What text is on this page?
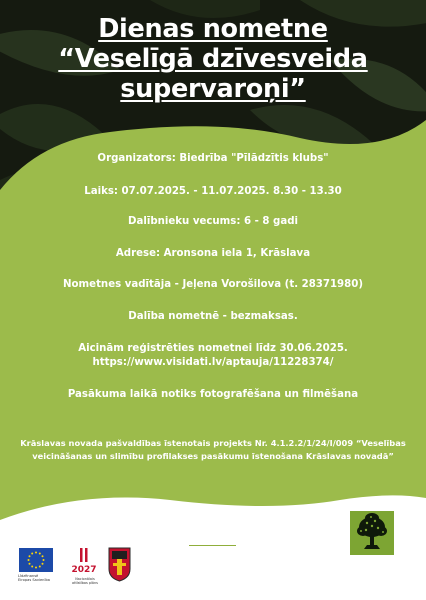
Dienas nometne
“Veselīgā dzīvesveida
supervaroņi”

Organizators: Biedrība "Pīlādzītis klubs"

Laiks: 07.07.2025. - 11.07.2025. 8.30 - 13.30

Dalībnieku vecums: 6 - 8 gadi

Adrese: Aronsona iela 1, Krāslava

Nometnes vadītāja - Jeļena Vorošilova (t. 28371980)

Dalība nometnē - bezmaksas.

Aicinām reģistrēties nometnei līdz 30.06.2025.

https://www.visidati.lv/aptauja/11228374/

Pasākuma laikā notiks fotografēšana un filmēšana

Krāslavas novada pašvaldības īstenotais projekts Nr. 4.1.2.2/1/24/I/009 “Veselības
veicināšanas un slimību profilakses pasākumu īstenošana Krāslavas novadā”
Līdzfinansē
Eiropas Savienība
2027
Nacionālais
attīstības plāns
